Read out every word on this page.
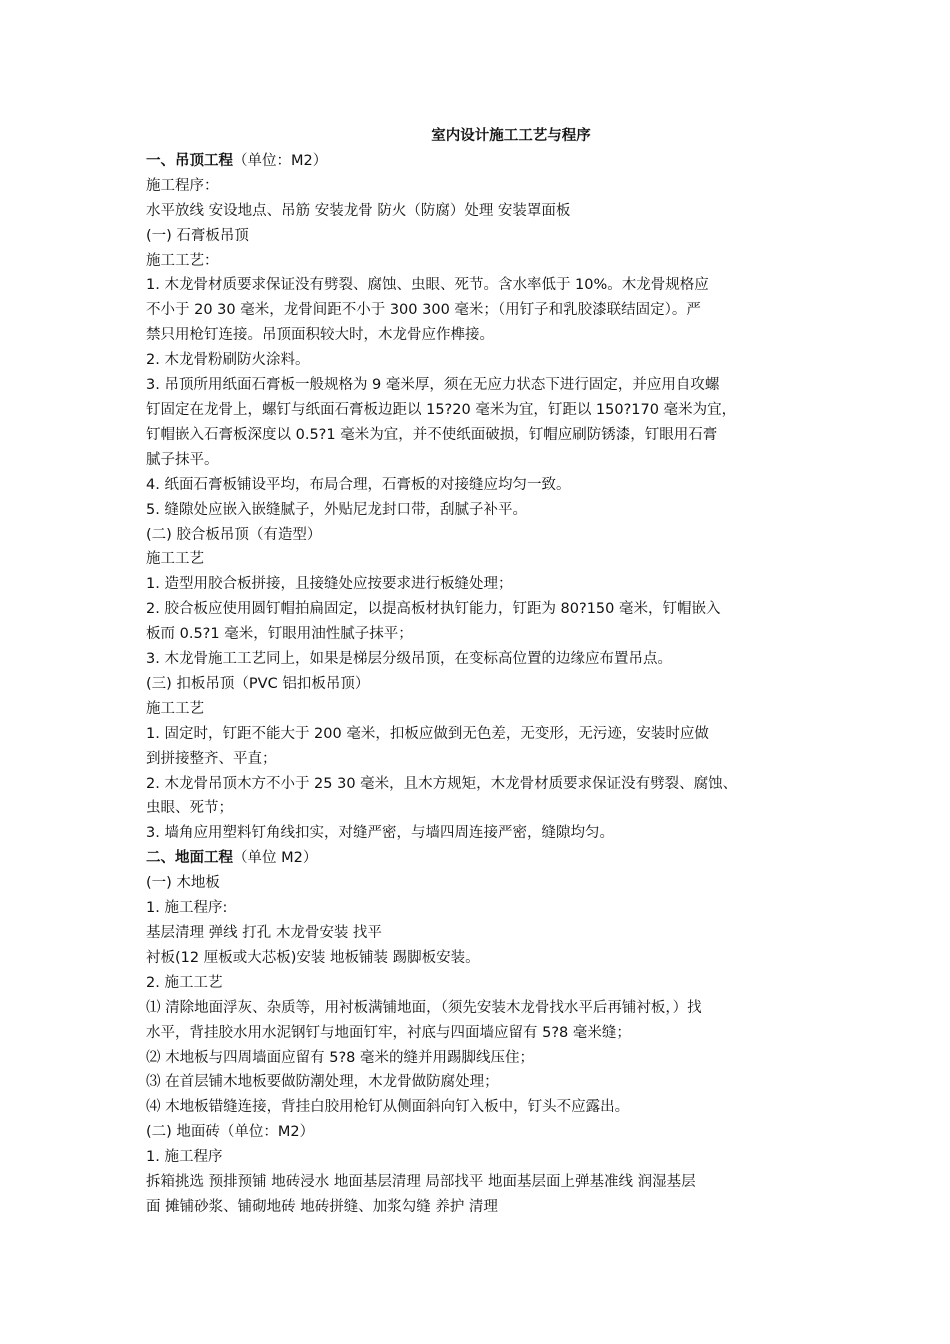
室内设计施工工艺与程序
一、吊顶工程（单位：M2）
施工程序：
水平放线 安设地点、吊筋 安装龙骨 防火（防腐）处理 安装罩面板
(一) 石膏板吊顶
施工工艺：
1. 木龙骨材质要求保证没有劈裂、腐蚀、虫眼、死节。含水率低于 10%。木龙骨规格应
不小于 20 30 毫米，龙骨间距不小于 300 300 毫米；（用钉子和乳胶漆联结固定）。严
禁只用枪钉连接。吊顶面积较大时，木龙骨应作榫接。
2. 木龙骨粉刷防火涂料。
3. 吊顶所用纸面石膏板一般规格为 9 毫米厚，须在无应力状态下进行固定，并应用自攻螺
钉固定在龙骨上，螺钉与纸面石膏板边距以 15?20 毫米为宜，钉距以 150?170 毫米为宜，
钉帽嵌入石膏板深度以 0.5?1 毫米为宜，并不使纸面破损，钉帽应刷防锈漆，钉眼用石膏
腻子抹平。
4. 纸面石膏板铺设平均，布局合理，石膏板的对接缝应均匀一致。
5. 缝隙处应嵌入嵌缝腻子，外贴尼龙封口带，刮腻子补平。
(二) 胶合板吊顶（有造型）
施工工艺
1. 造型用胶合板拼接，且接缝处应按要求进行板缝处理；
2. 胶合板应使用圆钉帽拍扁固定，以提高板材执钉能力，钉距为 80?150 毫米，钉帽嵌入
板而 0.5?1 毫米，钉眼用油性腻子抹平；
3. 木龙骨施工工艺同上，如果是梯层分级吊顶，在变标高位置的边缘应布置吊点。
(三) 扣板吊顶（PVC 铝扣板吊顶）
施工工艺
1. 固定时，钉距不能大于 200 毫米，扣板应做到无色差，无变形，无污迹，安装时应做
到拼接整齐、平直；
2. 木龙骨吊顶木方不小于 25 30 毫米，且木方规矩，木龙骨材质要求保证没有劈裂、腐蚀、
虫眼、死节；
3. 墙角应用塑料钉角线扣实，对缝严密，与墙四周连接严密，缝隙均匀。
二、地面工程（单位 M2）
(一) 木地板
1. 施工程序:
基层清理 弹线 打孔 木龙骨安装 找平
衬板(12 厘板或大芯板)安装 地板铺装 踢脚板安装。
2. 施工工艺
⑴ 清除地面浮灰、杂质等，用衬板满铺地面，（须先安装木龙骨找水平后再铺衬板，）找
水平，背挂胶水用水泥钢钉与地面钉牢，衬底与四面墙应留有 5?8 毫米缝；
⑵ 木地板与四周墙面应留有 5?8 毫米的缝并用踢脚线压住；
⑶ 在首层铺木地板要做防潮处理，木龙骨做防腐处理；
⑷ 木地板错缝连接，背挂白胶用枪钉从侧面斜向钉入板中，钉头不应露出。
(二) 地面砖（单位：M2）
1. 施工程序
拆箱挑选 预排预铺 地砖浸水 地面基层清理 局部找平 地面基层面上弹基准线 润湿基层
面 摊铺砂浆、铺砌地砖 地砖拼缝、加浆勾缝 养护 清理
